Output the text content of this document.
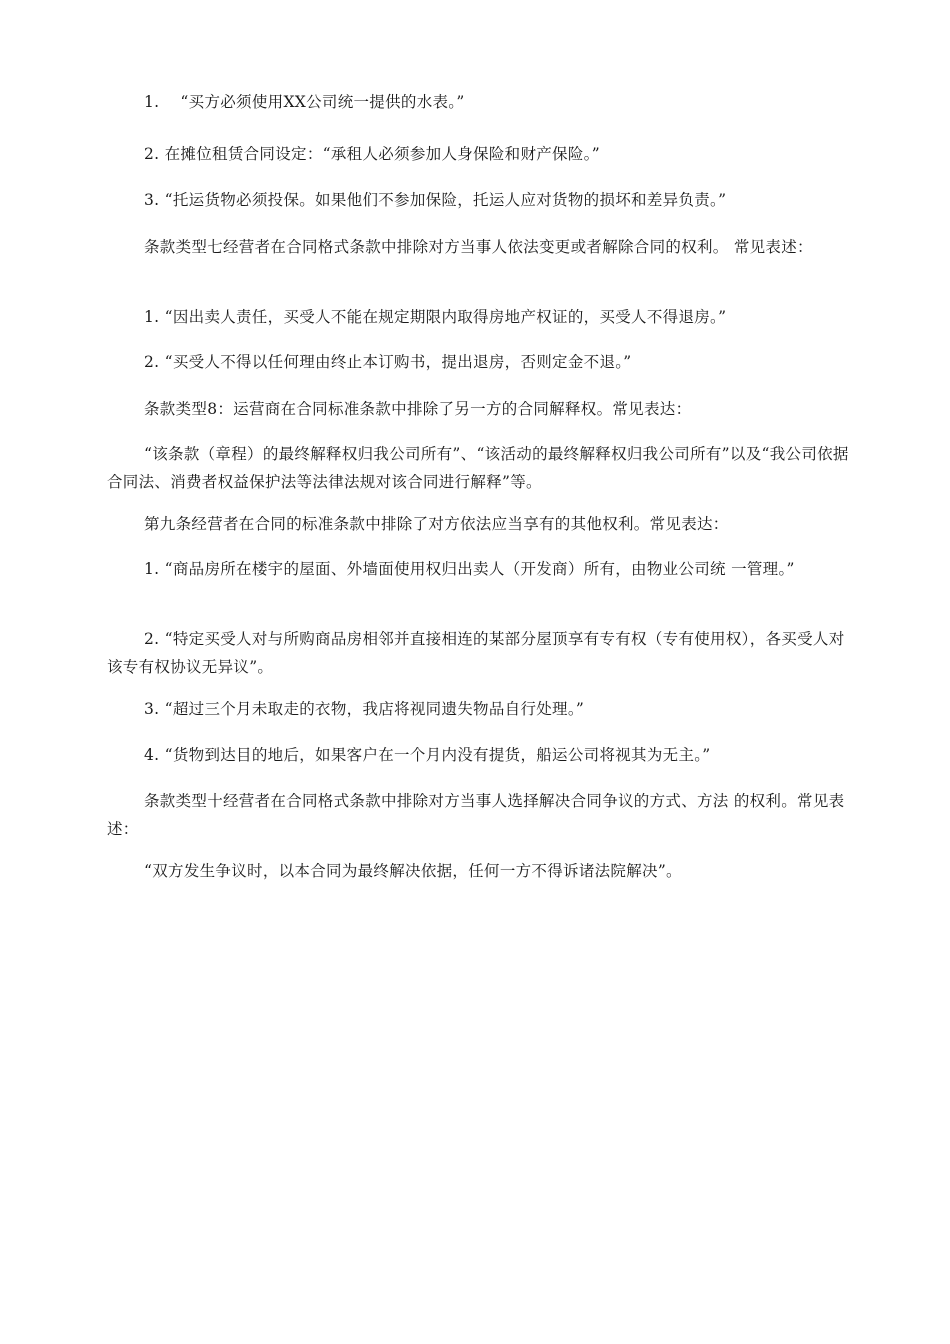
1.　 “买方必须使用XX公司统一提供的水表。”

2. 在摊位租赁合同设定：“承租人必须参加人身保险和财产保险。”

3. “托运货物必须投保。如果他们不参加保险，托运人应对货物的损坏和差异负责。”

条款类型七经营者在合同格式条款中排除对方当事人依法变更或者解除合同的权利。 常见表述：

1. “因出卖人责任，买受人不能在规定期限内取得房地产权证的，买受人不得退房。”

2. “买受人不得以任何理由终止本订购书，提出退房，否则定金不退。”

条款类型8：运营商在合同标准条款中排除了另一方的合同解释权。常见表达：

“该条款（章程）的最终解释权归我公司所有”、“该活动的最终解释权归我公司所有”以及“我公司依据合同法、消费者权益保护法等法律法规对该合同进行解释”等。

第九条经营者在合同的标准条款中排除了对方依法应当享有的其他权利。常见表达：

1. “商品房所在楼宇的屋面、外墙面使用权归出卖人（开发商）所有，由物业公司统 一管理。”

2. “特定买受人对与所购商品房相邻并直接相连的某部分屋顶享有专有权（专有使用权），各买受人对该专有权协议无异议”。

3. “超过三个月未取走的衣物，我店将视同遗失物品自行处理。”

4. “货物到达目的地后，如果客户在一个月内没有提货，船运公司将视其为无主。”

条款类型十经营者在合同格式条款中排除对方当事人选择解决合同争议的方式、方法 的权利。常见表述：

“双方发生争议时，以本合同为最终解决依据，任何一方不得诉诸法院解决”。
